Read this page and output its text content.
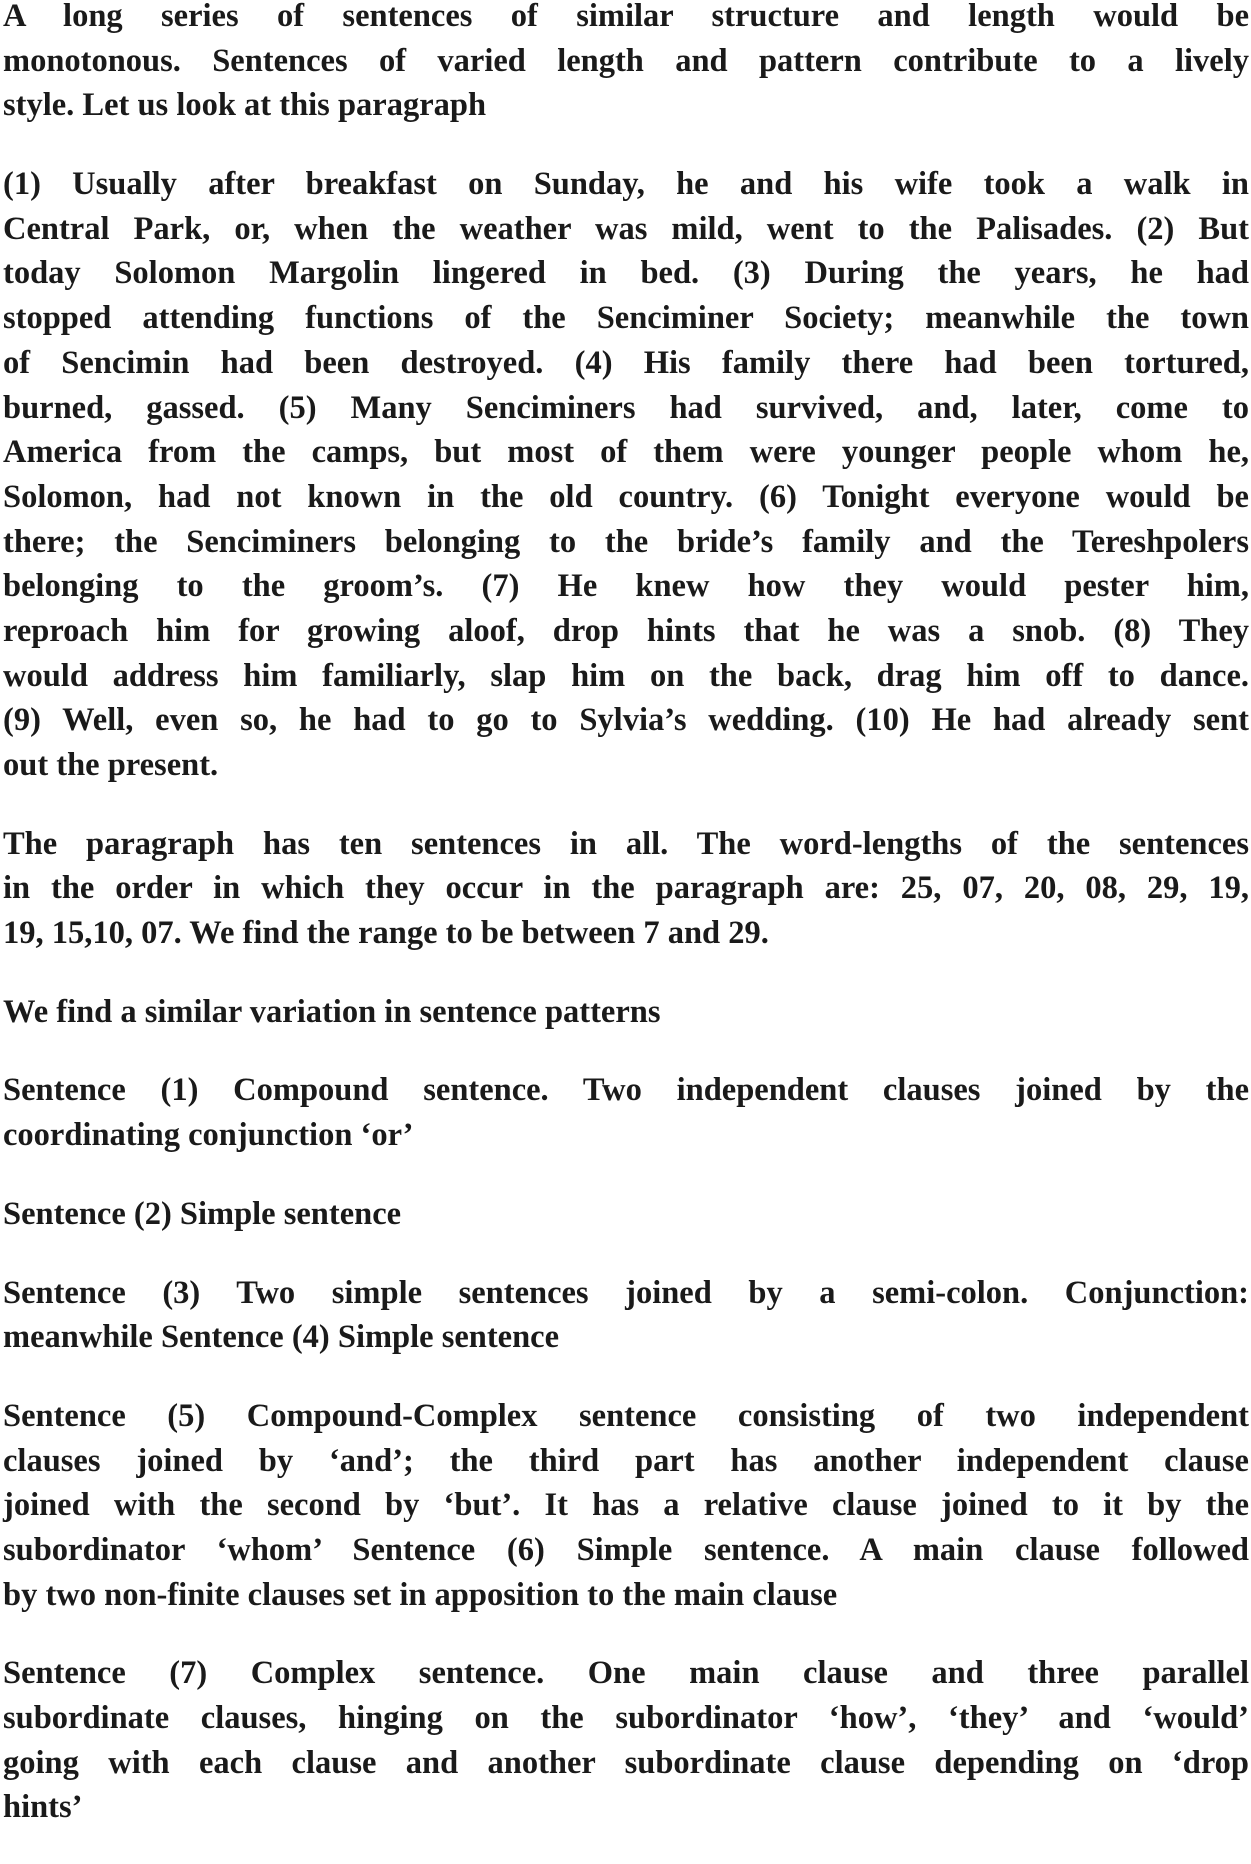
A long series of sentences of similar structure and length would be
monotonous. Sentences of varied length and pattern contribute to a lively
style. Let us look at this paragraph
(1) Usually after breakfast on Sunday, he and his wife took a walk in
Central Park, or, when the weather was mild, went to the Palisades. (2) But
today Solomon Margolin lingered in bed. (3) During the years, he had
stopped attending functions of the Senciminer Society; meanwhile the town
of Sencimin had been destroyed. (4) His family there had been tortured,
burned, gassed. (5) Many Senciminers had survived, and, later, come to
America from the camps, but most of them were younger people whom he,
Solomon, had not known in the old country. (6) Tonight everyone would be
there; the Senciminers belonging to the bride’s family and the Tereshpolers
belonging to the groom’s. (7) He knew how they would pester him,
reproach him for growing aloof, drop hints that he was a snob. (8) They
would address him familiarly, slap him on the back, drag him off to dance.
(9) Well, even so, he had to go to Sylvia’s wedding. (10) He had already sent
out the present.
The paragraph has ten sentences in all. The word-lengths of the sentences
in the order in which they occur in the paragraph are: 25, 07, 20, 08, 29, 19,
19, 15,10, 07. We find the range to be between 7 and 29.
We find a similar variation in sentence patterns
Sentence (1) Compound sentence. Two independent clauses joined by the
coordinating conjunction ‘or’
Sentence (2) Simple sentence
Sentence (3) Two simple sentences joined by a semi-colon. Conjunction:
meanwhile Sentence (4) Simple sentence
Sentence (5) Compound-Complex sentence consisting of two independent
clauses joined by ‘and’; the third part has another independent clause
joined with the second by ‘but’. It has a relative clause joined to it by the
subordinator ‘whom’ Sentence (6) Simple sentence. A main clause followed
by two non-finite clauses set in apposition to the main clause
Sentence (7) Complex sentence. One main clause and three parallel
subordinate clauses, hinging on the subordinator ‘how’, ‘they’ and ‘would’
going with each clause and another subordinate clause depending on ‘drop
hints’
